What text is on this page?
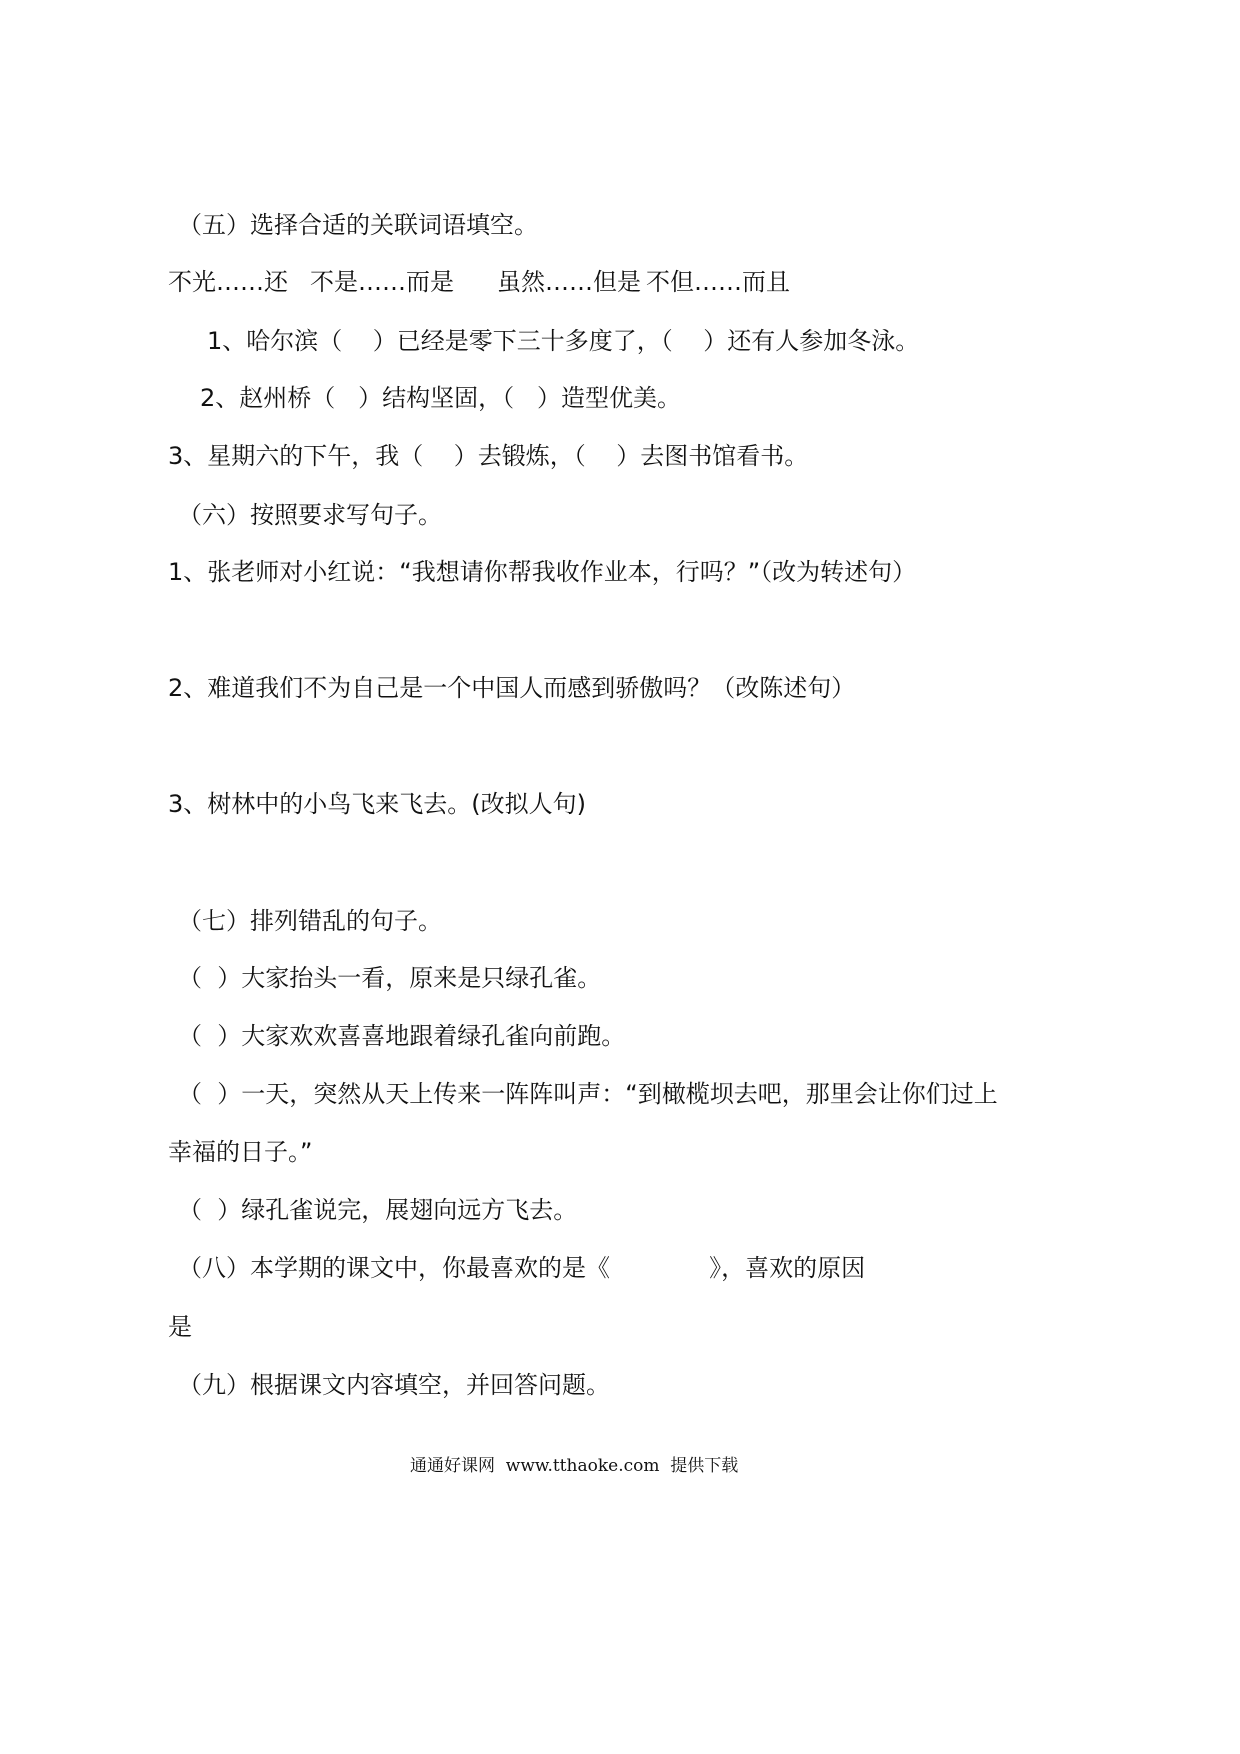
（五）选择合适的关联词语填空。

不光……还 不是……而是 虽然……但是 不但……而且

1、哈尔滨（    ）已经是零下三十多度了，（    ）还有人参加冬泳。

2、赵州桥（   ）结构坚固，（   ）造型优美。

3、星期六的下午，我（    ）去锻炼，（    ）去图书馆看书。

（六）按照要求写句子。

1、张老师对小红说：“我想请你帮我收作业本，行吗？”（改为转述句）

2、难道我们不为自己是一个中国人而感到骄傲吗？（改陈述句）

3、树林中的小鸟飞来飞去。(改拟人句)

（七）排列错乱的句子。

（  ）大家抬头一看，原来是只绿孔雀。

（  ）大家欢欢喜喜地跟着绿孔雀向前跑。

（  ）一天，突然从天上传来一阵阵叫声：“到橄榄坝去吧，那里会让你们过上

幸福的日子。”

（  ）绿孔雀说完，展翅向远方飞去。

（八）本学期的课文中，你最喜欢的是《             》，喜欢的原因

是

（九）根据课文内容填空，并回答问题。

通通好课网  www.tthaoke.com  提供下载
